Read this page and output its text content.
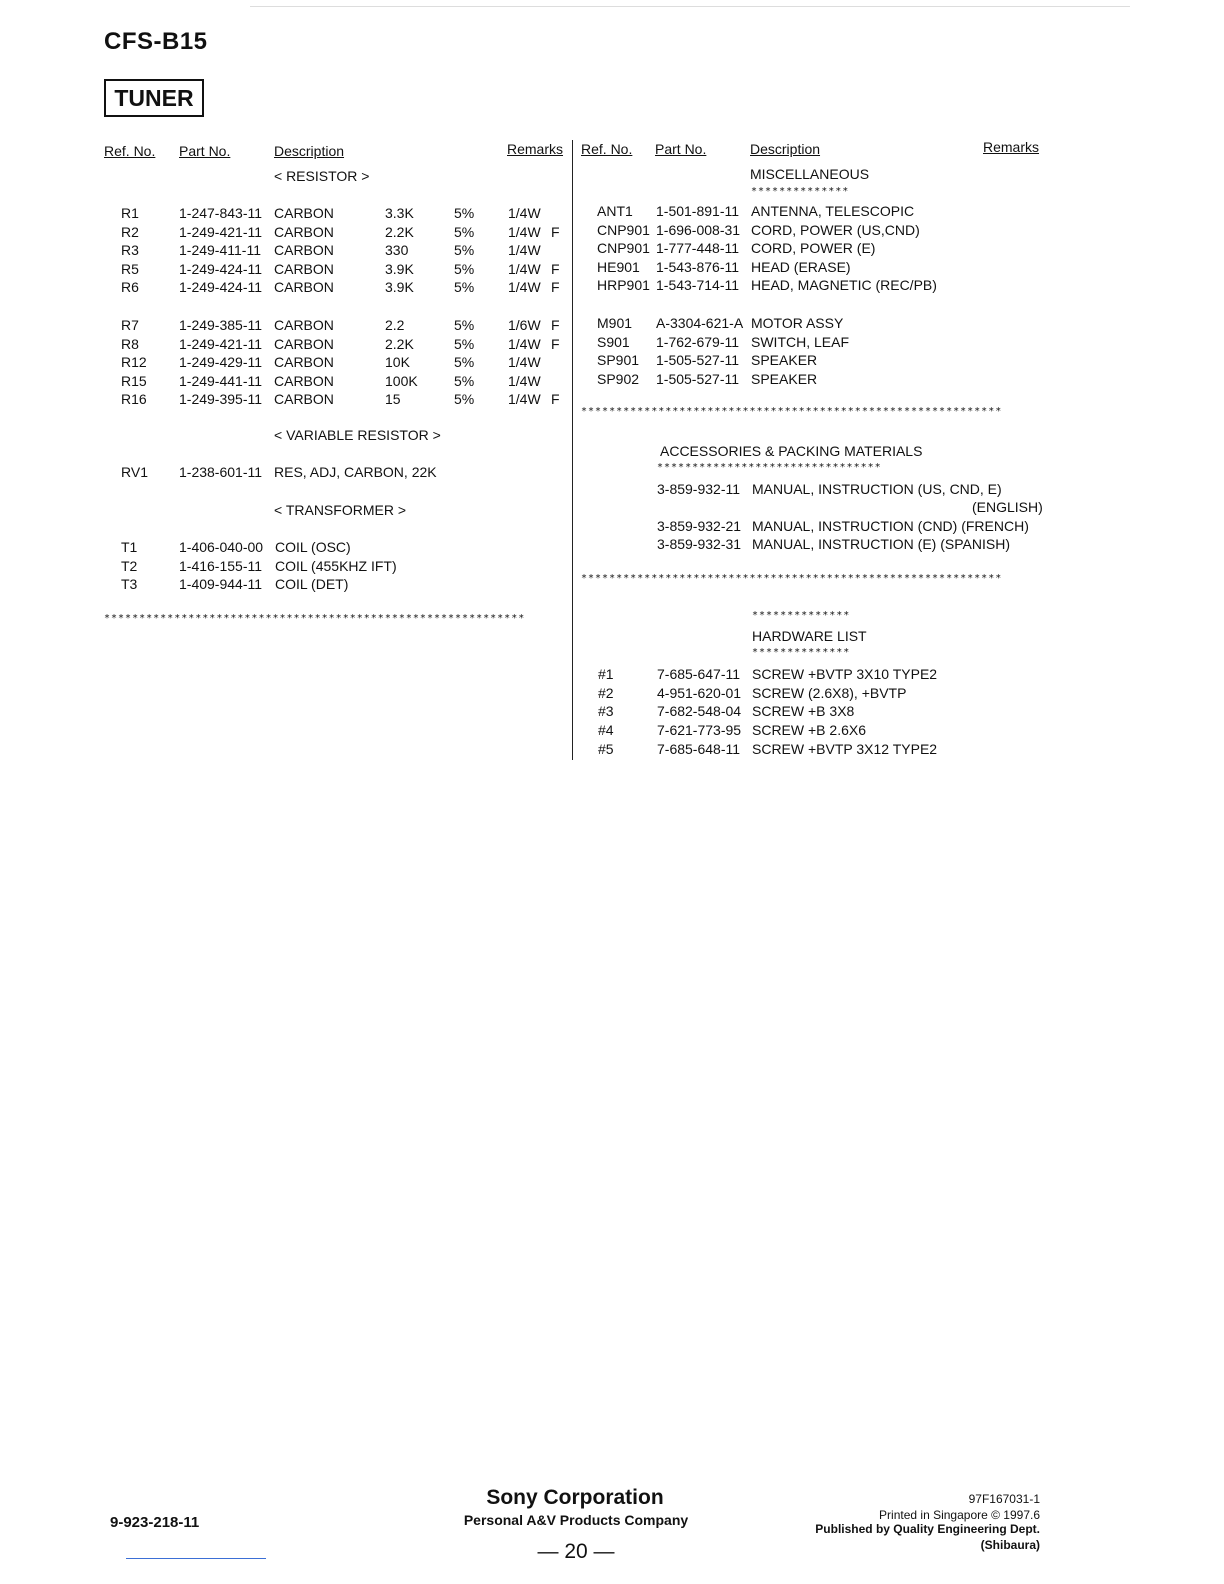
CFS-B15
TUNER
Ref. No. Part No.	Description	Remarks Ref. No. Part No.	Description	Remarks
< RESISTOR >
R1	1-247-843-11 CARBON	3.3K	5% 1/4W
R2	1-249-421-11 CARBON	2.2K	5% 1/4W F
R3	1-249-411-11 CARBON	330	5% 1/4W
R5	1-249-424-11 CARBON	3.9K	5% 1/4W F
R6	1-249-424-11 CARBON	3.9K	5% 1/4W F
R7	1-249-385-11 CARBON	2.2	5% 1/6W F
R8	1-249-421-11 CARBON	2.2K	5% 1/4W F
R12 1-249-429-11 CARBON	10K	5% 1/4W
R15 1-249-441-11 CARBON	100K	5% 1/4W
R16 1-249-395-11 CARBON	15	5% 1/4W F
< VARIABLE RESISTOR >
RV1 1-238-601-11 RES, ADJ, CARBON, 22K
< TRANSFORMER >
T1	1-406-040-00 COIL (OSC)
T2	1-416-155-11 COIL (455KHZ IFT)
T3	1-409-944-11 COIL (DET)
************************************************************
MISCELLANEOUS
**************
ANT1 1-501-891-11 ANTENNA, TELESCOPIC
CNP901 1-696-008-31 CORD, POWER (US,CND)
CNP901 1-777-448-11 CORD, POWER (E)
HE901 1-543-876-11 HEAD (ERASE)
HRP901 1-543-714-11 HEAD, MAGNETIC (REC/PB)
M901 A-3304-621-A MOTOR ASSY
S901 1-762-679-11 SWITCH, LEAF
SP901 1-505-527-11 SPEAKER
SP902 1-505-527-11 SPEAKER
************************************************************
ACCESSORIES & PACKING MATERIALS
********************************
3-859-932-11 MANUAL, INSTRUCTION (US, CND, E)
(ENGLISH)
3-859-932-21 MANUAL, INSTRUCTION (CND) (FRENCH)
3-859-932-31 MANUAL, INSTRUCTION (E) (SPANISH)
************************************************************
**************
HARDWARE LIST
**************
#1	7-685-647-11 SCREW +BVTP 3X10 TYPE2
#2	4-951-620-01 SCREW (2.6X8), +BVTP
#3	7-682-548-04 SCREW +B 3X8
#4	7-621-773-95 SCREW +B 2.6X6
#5	7-685-648-11 SCREW +BVTP 3X12 TYPE2
9-923-218-11
Sony Corporation
Personal A&V Products Company
— 20 —
97F167031-1
Printed in Singapore © 1997.6
Published by Quality Engineering Dept.
(Shibaura)
